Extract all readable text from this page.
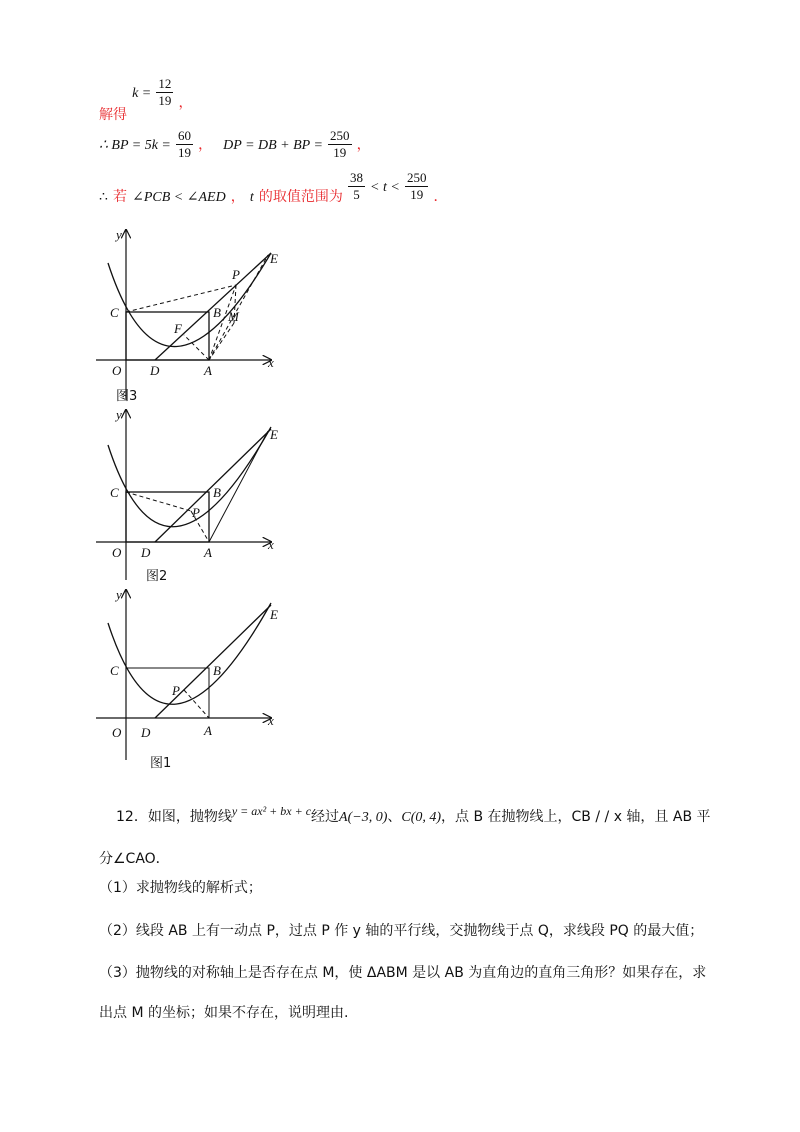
解得 $k = \frac{12}{19}$ ，
∴ BP = $5k = \frac{60}{19}$ ， DP = DB + BP = $\frac{250}{19}$ ，
∴ 若 ∠PCB < ∠AED ， t 的取值范围为 $\frac{38}{5} < t < \frac{250}{19}$ ．
y
x
O
C
D	A
B
E
F
P
M
图3
y
x
O
C
D	A
B
E
P
图2
y
x
O
C
D	A
B
E
P
图1
12．如图，抛物线y = ax² + bx + c经过A(−3, 0)、C(0, 4)，点 B 在抛物线上，CB / / x 轴，且 AB 平
分∠CAO．
（1）求抛物线的解析式；
（2）线段 AB 上有一动点 P，过点 P 作 y 轴的平行线，交抛物线于点 Q，求线段 PQ 的最大值；
（3）抛物线的对称轴上是否存在点 M，使 ΔABM 是以 AB 为直角边的直角三角形？如果存在，求
出点 M 的坐标；如果不存在，说明理由.
